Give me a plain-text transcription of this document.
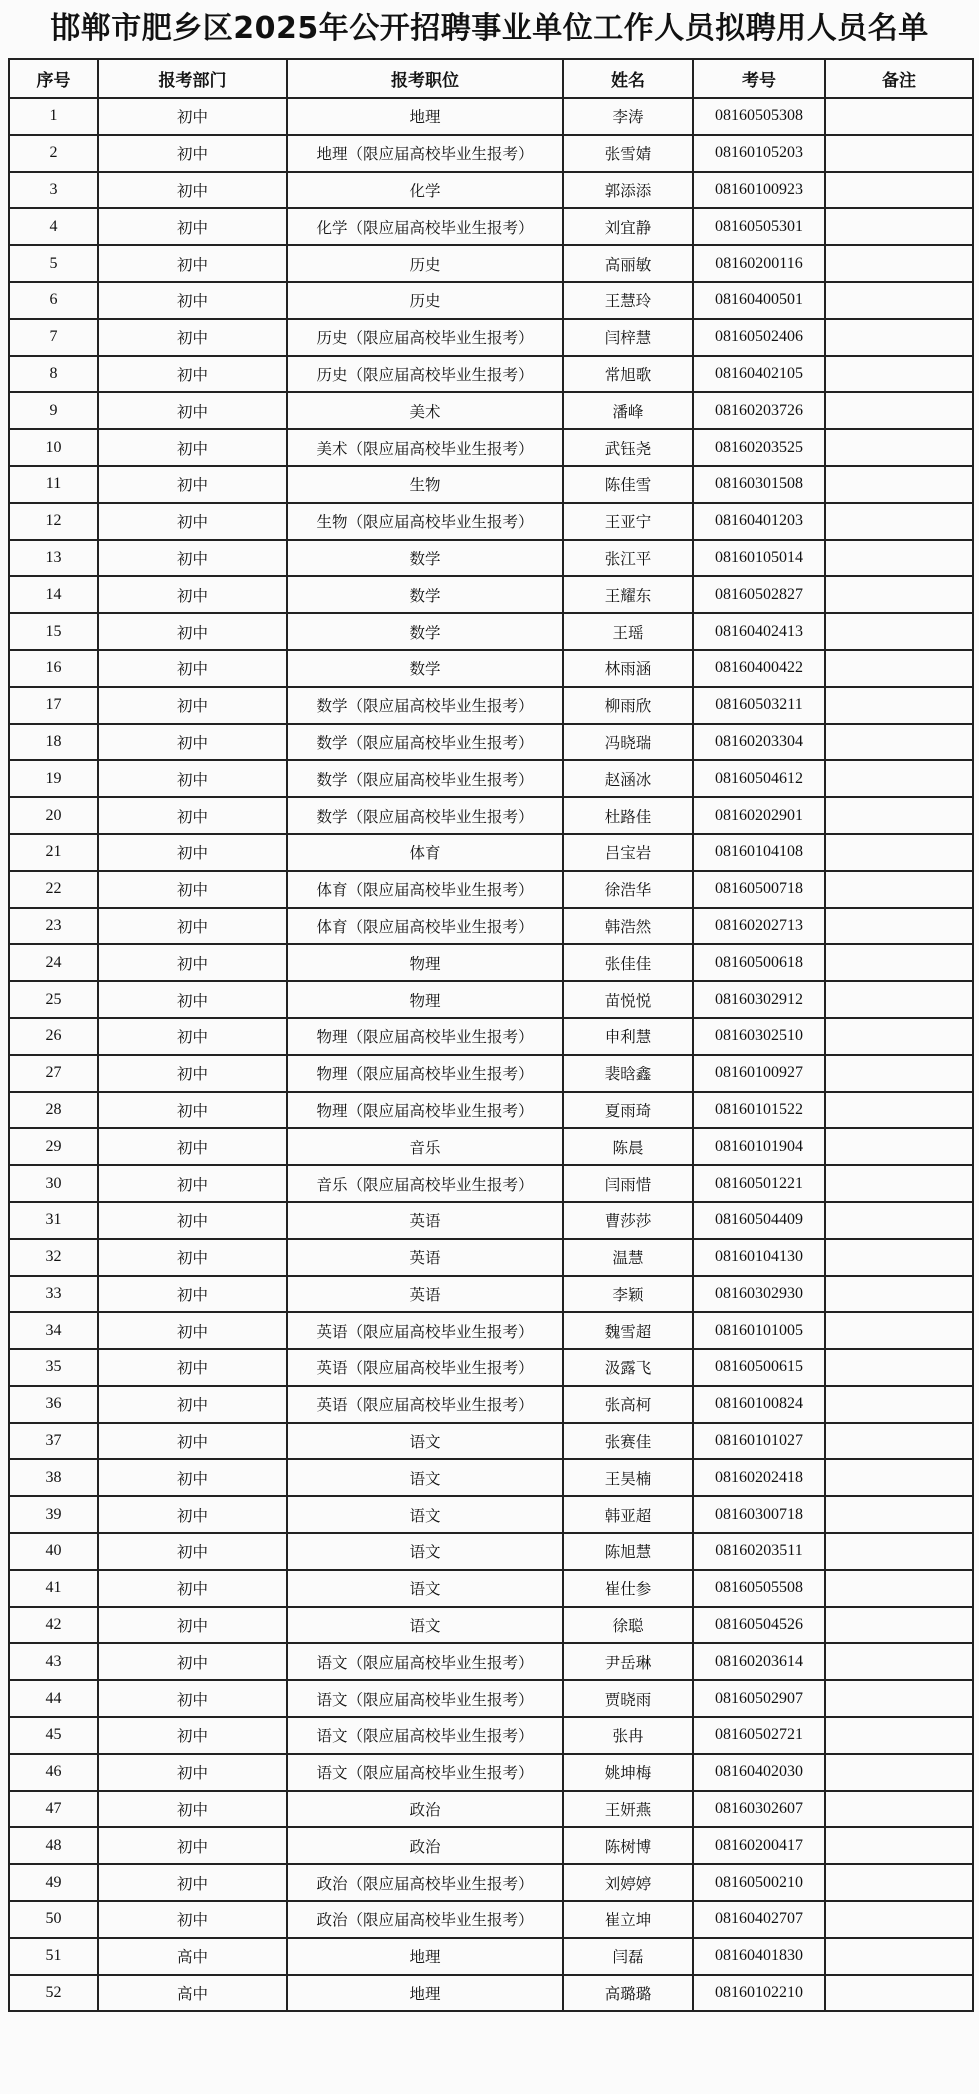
邯郸市肥乡区2025年公开招聘事业单位工作人员拟聘用人员名单
序号	报考部门	报考职位	姓名	考号	备注
1	初中	地理	李涛	08160505308	
2	初中	地理（限应届高校毕业生报考）	张雪婧	08160105203	
3	初中	化学	郭添添	08160100923	
4	初中	化学（限应届高校毕业生报考）	刘宜静	08160505301	
5	初中	历史	高丽敏	08160200116	
6	初中	历史	王慧玲	08160400501	
7	初中	历史（限应届高校毕业生报考）	闫梓慧	08160502406	
8	初中	历史（限应届高校毕业生报考）	常旭歌	08160402105	
9	初中	美术	潘峰	08160203726	
10	初中	美术（限应届高校毕业生报考）	武钰尧	08160203525	
11	初中	生物	陈佳雪	08160301508	
12	初中	生物（限应届高校毕业生报考）	王亚宁	08160401203	
13	初中	数学	张江平	08160105014	
14	初中	数学	王耀东	08160502827	
15	初中	数学	王瑶	08160402413	
16	初中	数学	林雨涵	08160400422	
17	初中	数学（限应届高校毕业生报考）	柳雨欣	08160503211	
18	初中	数学（限应届高校毕业生报考）	冯晓瑞	08160203304	
19	初中	数学（限应届高校毕业生报考）	赵涵冰	08160504612	
20	初中	数学（限应届高校毕业生报考）	杜路佳	08160202901	
21	初中	体育	吕宝岩	08160104108	
22	初中	体育（限应届高校毕业生报考）	徐浩华	08160500718	
23	初中	体育（限应届高校毕业生报考）	韩浩然	08160202713	
24	初中	物理	张佳佳	08160500618	
25	初中	物理	苗悦悦	08160302912	
26	初中	物理（限应届高校毕业生报考）	申利慧	08160302510	
27	初中	物理（限应届高校毕业生报考）	裴晗鑫	08160100927	
28	初中	物理（限应届高校毕业生报考）	夏雨琦	08160101522	
29	初中	音乐	陈晨	08160101904	
30	初中	音乐（限应届高校毕业生报考）	闫雨惜	08160501221	
31	初中	英语	曹莎莎	08160504409	
32	初中	英语	温慧	08160104130	
33	初中	英语	李颖	08160302930	
34	初中	英语（限应届高校毕业生报考）	魏雪超	08160101005	
35	初中	英语（限应届高校毕业生报考）	汲露飞	08160500615	
36	初中	英语（限应届高校毕业生报考）	张高柯	08160100824	
37	初中	语文	张赛佳	08160101027	
38	初中	语文	王昊楠	08160202418	
39	初中	语文	韩亚超	08160300718	
40	初中	语文	陈旭慧	08160203511	
41	初中	语文	崔仕参	08160505508	
42	初中	语文	徐聪	08160504526	
43	初中	语文（限应届高校毕业生报考）	尹岳琳	08160203614	
44	初中	语文（限应届高校毕业生报考）	贾晓雨	08160502907	
45	初中	语文（限应届高校毕业生报考）	张冉	08160502721	
46	初中	语文（限应届高校毕业生报考）	姚坤梅	08160402030	
47	初中	政治	王妍燕	08160302607	
48	初中	政治	陈树博	08160200417	
49	初中	政治（限应届高校毕业生报考）	刘婷婷	08160500210	
50	初中	政治（限应届高校毕业生报考）	崔立坤	08160402707	
51	高中	地理	闫磊	08160401830	
52	高中	地理	高璐璐	08160102210	
